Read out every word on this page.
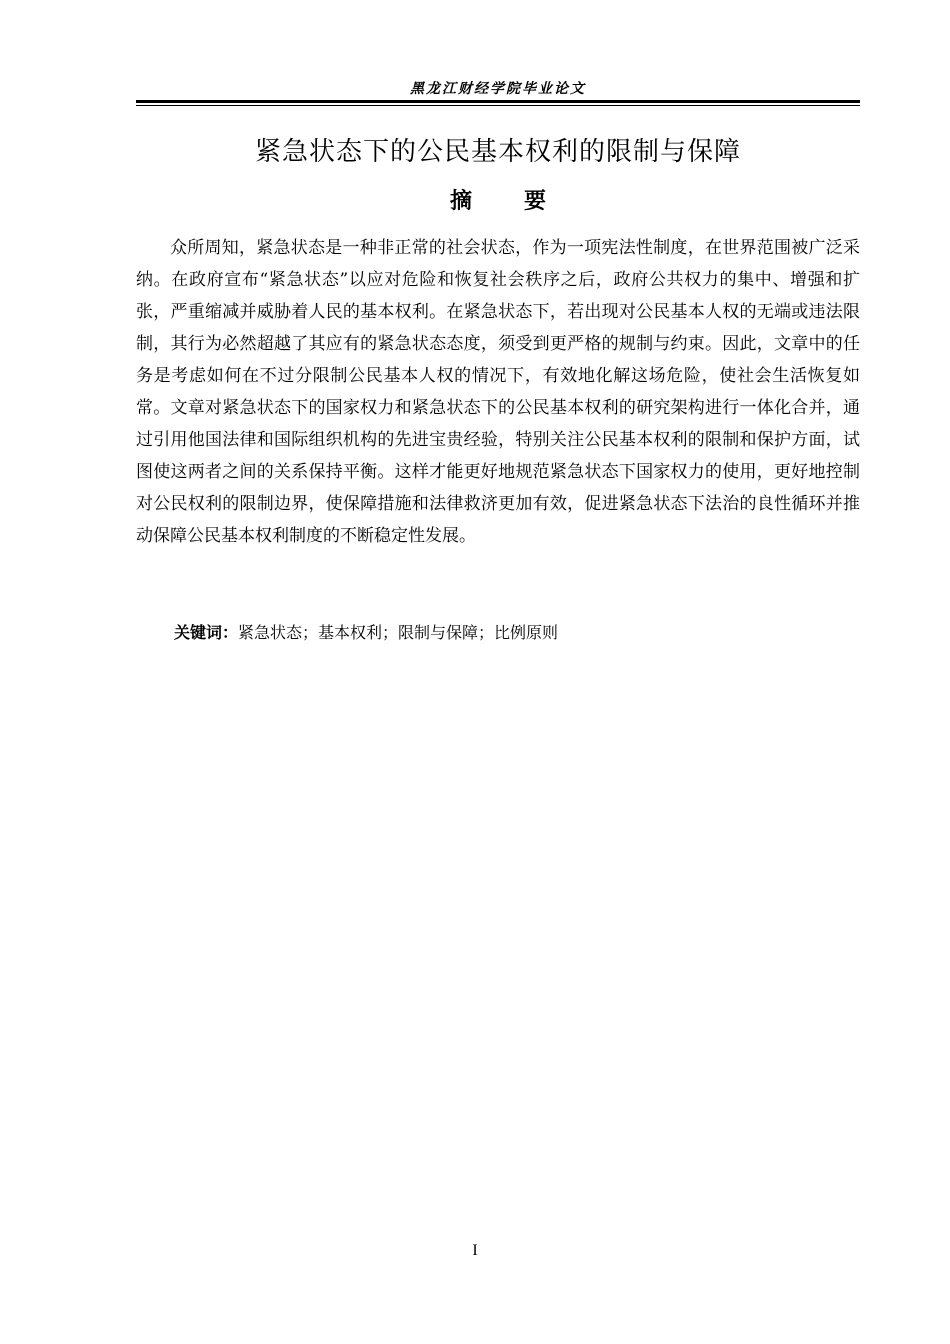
黑龙江财经学院毕业论文
紧急状态下的公民基本权利的限制与保障
摘 要
众所周知，紧急状态是一种非正常的社会状态，作为一项宪法性制度，在世界范围被广泛采纳。在政府宣布“紧急状态”以应对危险和恢复社会秩序之后，政府公共权力的集中、增强和扩张，严重缩减并威胁着人民的基本权利。在紧急状态下，若出现对公民基本人权的无端或违法限制，其行为必然超越了其应有的紧急状态态度，须受到更严格的规制与约束。因此，文章中的任务是考虑如何在不过分限制公民基本人权的情况下，有效地化解这场危险，使社会生活恢复如常。文章对紧急状态下的国家权力和紧急状态下的公民基本权利的研究架构进行一体化合并，通过引用他国法律和国际组织机构的先进宝贵经验，特别关注公民基本权利的限制和保护方面，试图使这两者之间的关系保持平衡。这样才能更好地规范紧急状态下国家权力的使用，更好地控制对公民权利的限制边界，使保障措施和法律救济更加有效，促进紧急状态下法治的良性循环并推动保障公民基本权利制度的不断稳定性发展。
关键词：紧急状态；基本权利；限制与保障；比例原则
I
